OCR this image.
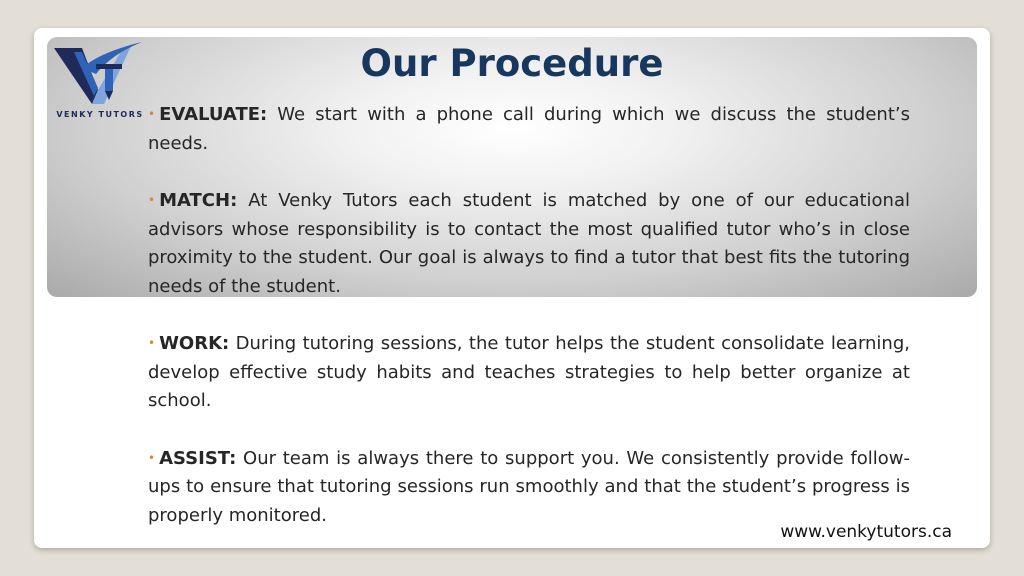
VENKY TUTORS
Our Procedure

• EVALUATE: We start with a phone call during which we discuss the student’s needs.

• MATCH: At Venky Tutors each student is matched by one of our educational advisors whose responsibility is to contact the most qualified tutor who’s in close proximity to the student. Our goal is always to find a tutor that best fits the tutoring needs of the student.

• WORK: During tutoring sessions, the tutor helps the student consolidate learning, develop effective study habits and teaches strategies to help better organize at school.

• ASSIST: Our team is always there to support you. We consistently provide follow-ups to ensure that tutoring sessions run smoothly and that the student’s progress is properly monitored.

www.venkytutors.ca
